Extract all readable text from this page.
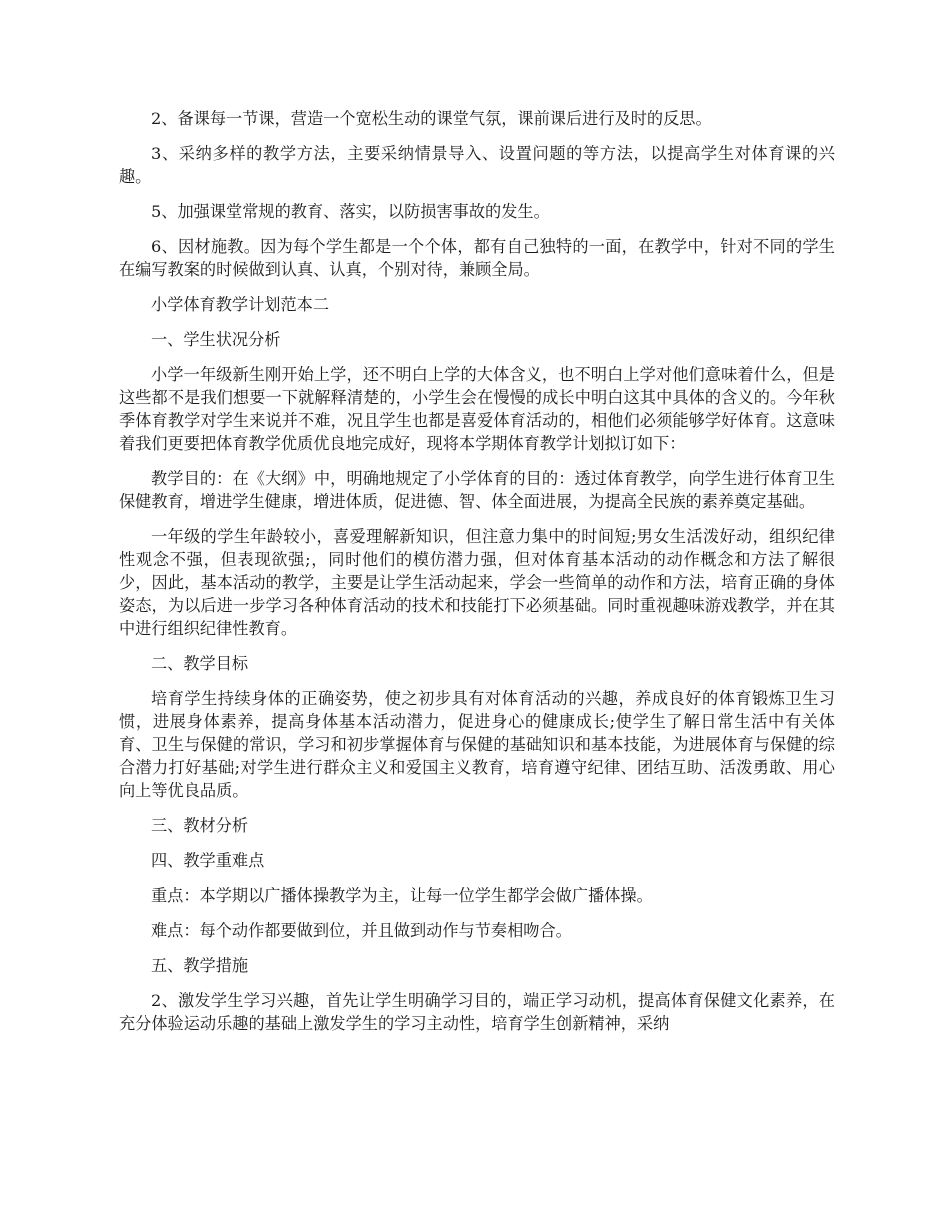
2、备课每一节课，营造一个宽松生动的课堂气氛，课前课后进行及时的反思。

3、采纳多样的教学方法，主要采纳情景导入、设置问题的等方法，以提高学生对体育课的兴趣。

5、加强课堂常规的教育、落实，以防损害事故的发生。

6、因材施教。因为每个学生都是一个个体，都有自己独特的一面，在教学中，针对不同的学生在编写教案的时候做到认真、认真，个别对待，兼顾全局。

小学体育教学计划范本二

一、学生状况分析

小学一年级新生刚开始上学，还不明白上学的大体含义，也不明白上学对他们意味着什么，但是这些都不是我们想要一下就解释清楚的，小学生会在慢慢的成长中明白这其中具体的含义的。今年秋季体育教学对学生来说并不难，况且学生也都是喜爱体育活动的，相他们必须能够学好体育。这意味着我们更要把体育教学优质优良地完成好，现将本学期体育教学计划拟订如下：

教学目的：在《大纲》中，明确地规定了小学体育的目的：透过体育教学，向学生进行体育卫生保健教育，增进学生健康，增进体质，促进德、智、体全面进展，为提高全民族的素养奠定基础。

一年级的学生年龄较小，喜爱理解新知识，但注意力集中的时间短;男女生活泼好动，组织纪律性观念不强，但表现欲强;，同时他们的模仿潜力强，但对体育基本活动的动作概念和方法了解很少，因此，基本活动的教学，主要是让学生活动起来，学会一些简单的动作和方法，培育正确的身体姿态，为以后进一步学习各种体育活动的技术和技能打下必须基础。同时重视趣味游戏教学，并在其中进行组织纪律性教育。

二、教学目标

培育学生持续身体的正确姿势，使之初步具有对体育活动的兴趣，养成良好的体育锻炼卫生习惯，进展身体素养，提高身体基本活动潜力，促进身心的健康成长;使学生了解日常生活中有关体育、卫生与保健的常识，学习和初步掌握体育与保健的基础知识和基本技能，为进展体育与保健的综合潜力打好基础;对学生进行群众主义和爱国主义教育，培育遵守纪律、团结互助、活泼勇敢、用心向上等优良品质。

三、教材分析

四、教学重难点

重点：本学期以广播体操教学为主，让每一位学生都学会做广播体操。

难点：每个动作都要做到位，并且做到动作与节奏相吻合。

五、教学措施

2、激发学生学习兴趣，首先让学生明确学习目的，端正学习动机，提高体育保健文化素养，在充分体验运动乐趣的基础上激发学生的学习主动性，培育学生创新精神，采纳
